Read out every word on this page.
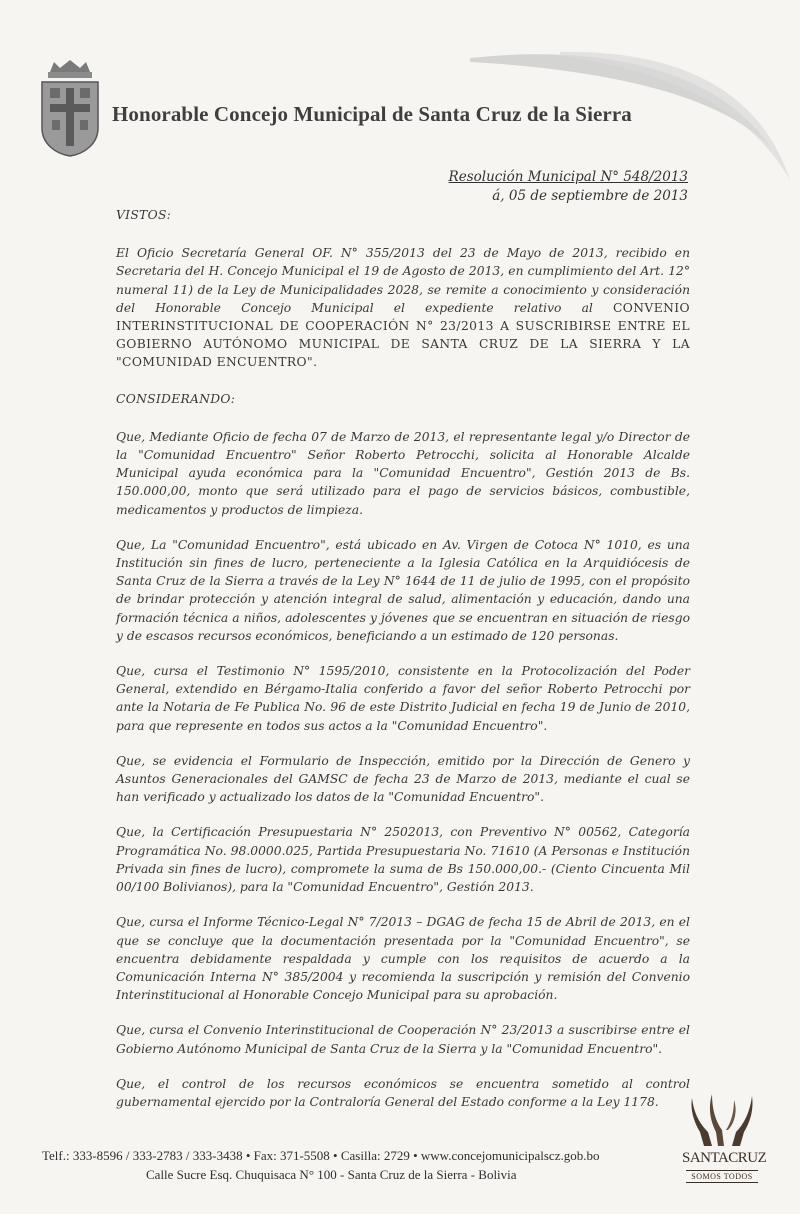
Honorable Concejo Municipal de Santa Cruz de la Sierra
Resolución Municipal N° 548/2013
á, 05 de septiembre de 2013
VISTOS:
El Oficio Secretaría General OF. N° 355/2013 del 23 de Mayo de 2013, recibido en Secretaria del H. Concejo Municipal el 19 de Agosto de 2013, en cumplimiento del Art. 12° numeral 11) de la Ley de Municipalidades 2028, se remite a conocimiento y consideración del Honorable Concejo Municipal el expediente relativo al CONVENIO INTERINSTITUCIONAL DE COOPERACIÓN N° 23/2013 A SUSCRIBIRSE ENTRE EL GOBIERNO AUTÓNOMO MUNICIPAL DE SANTA CRUZ DE LA SIERRA Y LA "COMUNIDAD ENCUENTRO".
CONSIDERANDO:
Que, Mediante Oficio de fecha 07 de Marzo de 2013, el representante legal y/o Director de la "Comunidad Encuentro" Señor Roberto Petrocchi, solicita al Honorable Alcalde Municipal ayuda económica para la "Comunidad Encuentro", Gestión 2013 de Bs. 150.000,00, monto que será utilizado para el pago de servicios básicos, combustible, medicamentos y productos de limpieza.
Que, La "Comunidad Encuentro", está ubicado en Av. Virgen de Cotoca N° 1010, es una Institución sin fines de lucro, perteneciente a la Iglesia Católica en la Arquidiócesis de Santa Cruz de la Sierra a través de la Ley N° 1644 de 11 de julio de 1995, con el propósito de brindar protección y atención integral de salud, alimentación y educación, dando una formación técnica a niños, adolescentes y jóvenes que se encuentran en situación de riesgo y de escasos recursos económicos, beneficiando a un estimado de 120 personas.
Que, cursa el Testimonio N° 1595/2010, consistente en la Protocolización del Poder General, extendido en Bérgamo-Italia conferido a favor del señor Roberto Petrocchi por ante la Notaria de Fe Publica No. 96 de este Distrito Judicial en fecha 19 de Junio de 2010, para que represente en todos sus actos a la "Comunidad Encuentro".
Que, se evidencia el Formulario de Inspección, emitido por la Dirección de Genero y Asuntos Generacionales del GAMSC de fecha 23 de Marzo de 2013, mediante el cual se han verificado y actualizado los datos de la "Comunidad Encuentro".
Que, la Certificación Presupuestaria N° 2502013, con Preventivo N° 00562, Categoría Programática No. 98.0000.025, Partida Presupuestaria No. 71610 (A Personas e Institución Privada sin fines de lucro), compromete la suma de Bs 150.000,00.- (Ciento Cincuenta Mil 00/100 Bolivianos), para la "Comunidad Encuentro", Gestión 2013.
Que, cursa el Informe Técnico-Legal N° 7/2013 – DGAG de fecha 15 de Abril de 2013, en el que se concluye que la documentación presentada por la "Comunidad Encuentro", se encuentra debidamente respaldada y cumple con los requisitos de acuerdo a la Comunicación Interna N° 385/2004 y recomienda la suscripción y remisión del Convenio Interinstitucional al Honorable Concejo Municipal para su aprobación.
Que, cursa el Convenio Interinstitucional de Cooperación N° 23/2013 a suscribirse entre el Gobierno Autónomo Municipal de Santa Cruz de la Sierra y la "Comunidad Encuentro".
Que, el control de los recursos económicos se encuentra sometido al control gubernamental ejercido por la Contraloría General del Estado conforme a la Ley 1178.
Telf.: 333-8596 / 333-2783 / 333-3438 • Fax: 371-5508 • Casilla: 2729 • www.concejomunicipalscz.gob.bo
Calle Sucre Esq. Chuquisaca N° 100 - Santa Cruz de la Sierra - Bolivia
SANTACRUZ
SOMOS TODOS
